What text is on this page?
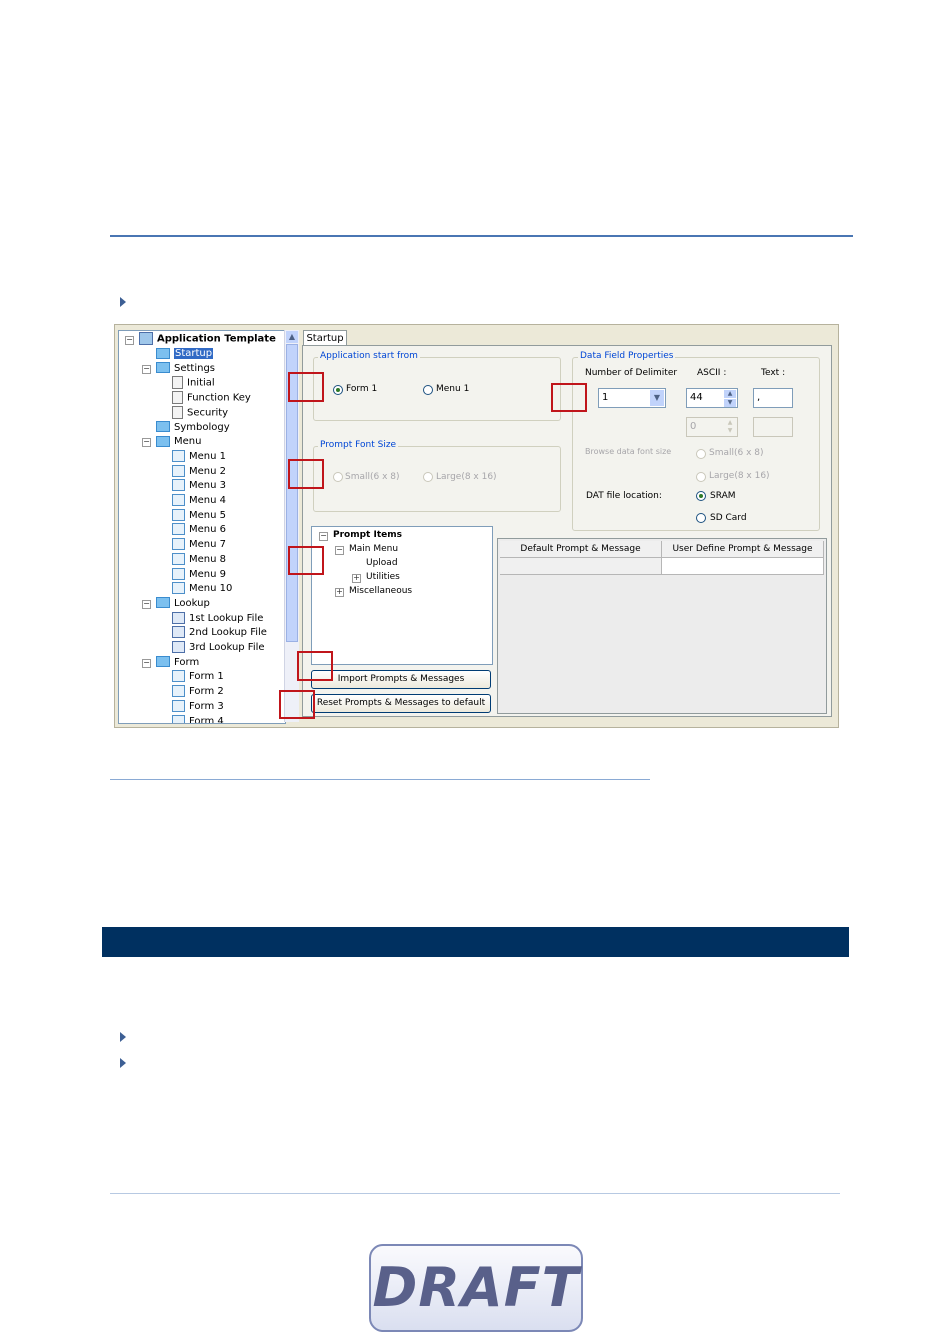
−	Application Template
Startup
−	Settings
Initial
Function Key
Security
Symbology
−	Menu
Menu 1
Menu 2
Menu 3
Menu 4
Menu 5
Menu 6
Menu 7
Menu 8
Menu 9
Menu 10
−	Lookup
1st Lookup File
2nd Lookup File
3rd Lookup File
−	Form
Form 1
Form 2
Form 3
Form 4
▲	Startup
Application start from
Form 1	Menu 1
Prompt Font Size
Small(6 x 8)	Large(8 x 16)
Data Field Properties
Number of Delimiter ASCII :	Text :
1	▼	44	▲
▼	,
0	▲
▼
Browse data font size	Small(6 x 8)
Large(8 x 16)
DAT file location:	SRAM
SD Card
− Prompt Items
− Main Menu
Upload
+ Utilities
+ Miscellaneous
Default Prompt & Message	User Define Prompt & Message
Import Prompts & Messages
Reset Prompts & Messages to default
DRAFT
